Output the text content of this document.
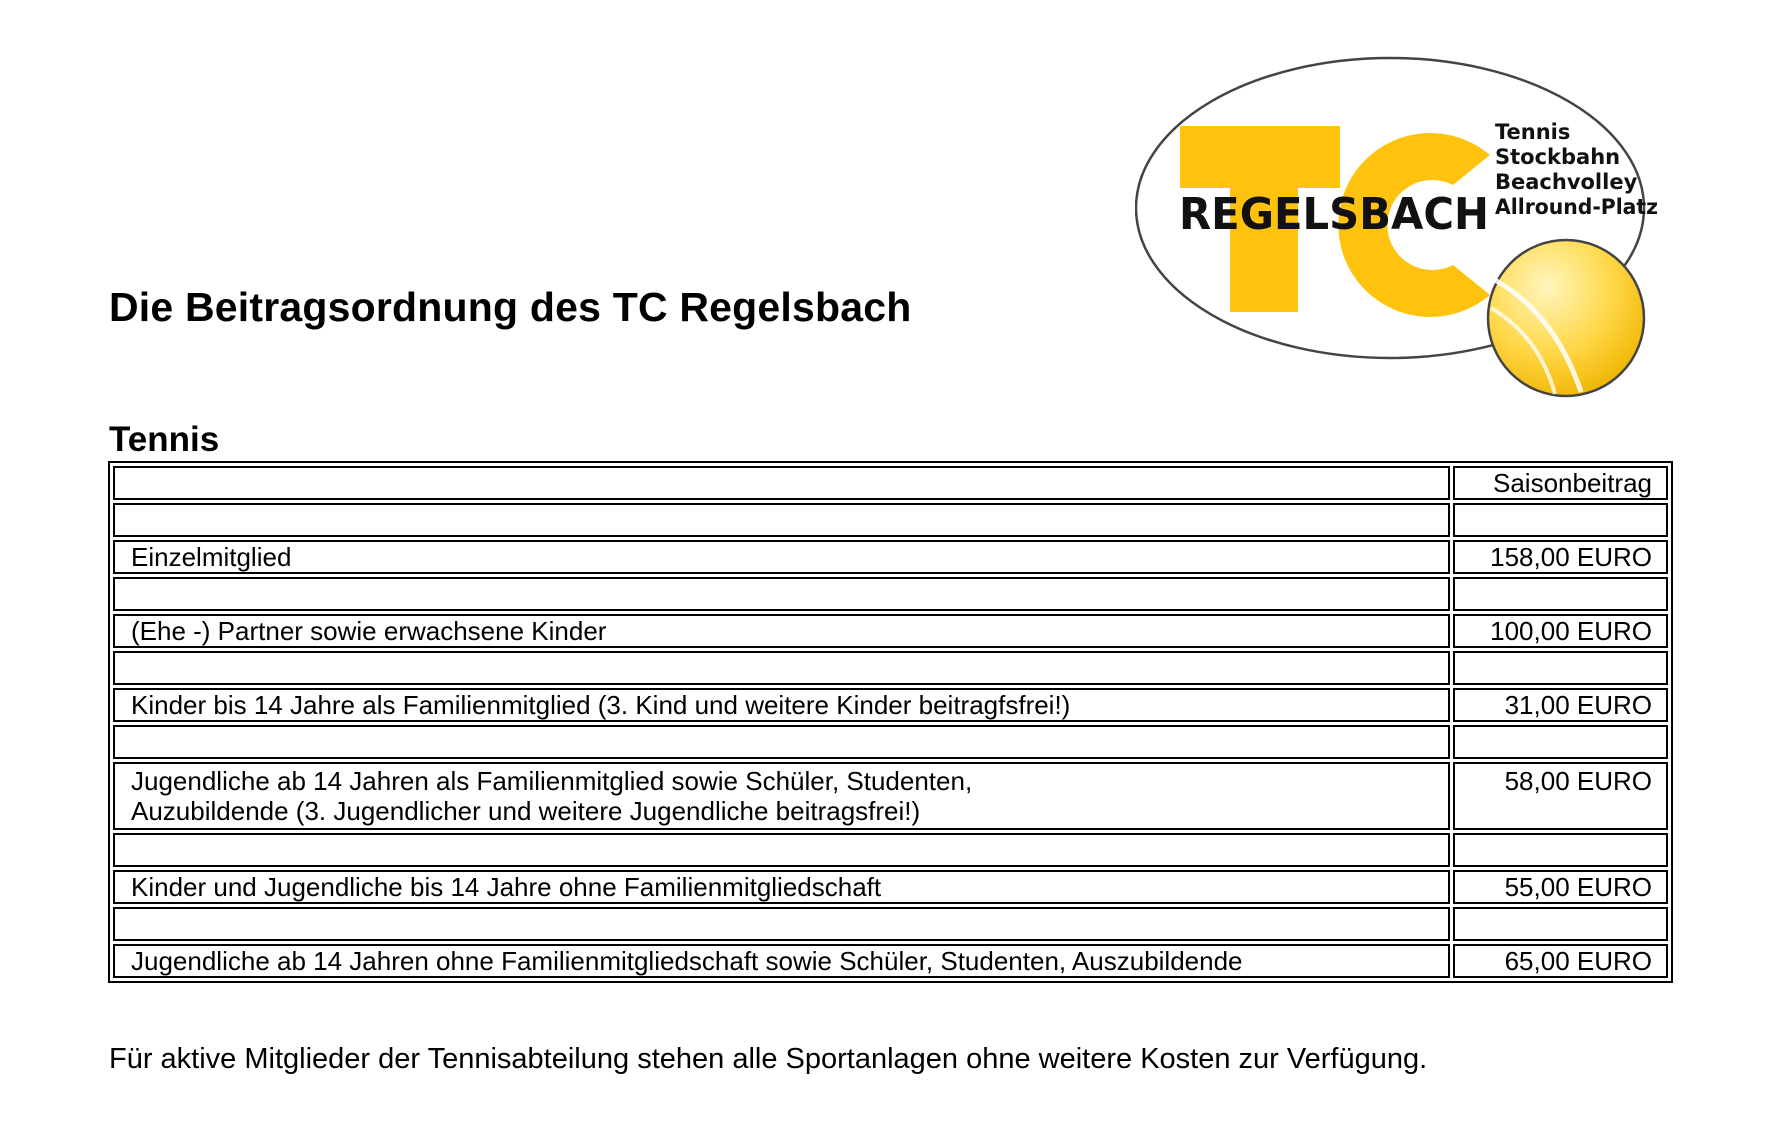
REGELSBACH
Tennis
Stockbahn
Beachvolley
Allround-Platz
Die Beitragsordnung des TC Regelsbach
Tennis
	Saisonbeitrag

Einzelmitglied	158,00 EURO

(Ehe -) Partner sowie erwachsene Kinder	100,00 EURO

Kinder bis 14 Jahre als Familienmitglied (3. Kind und weitere Kinder beitragfsfrei!)	31,00 EURO

Jugendliche ab 14 Jahren als Familienmitglied sowie Schüler, Studenten,
Auzubildende (3. Jugendlicher und weitere Jugendliche beitragsfrei!)	58,00 EURO

Kinder und Jugendliche bis 14 Jahre ohne Familienmitgliedschaft	55,00 EURO

Jugendliche ab 14 Jahren ohne Familienmitgliedschaft sowie Schüler, Studenten, Auszubildende	65,00 EURO

Für aktive Mitglieder der Tennisabteilung stehen alle Sportanlagen ohne weitere Kosten zur Verfügung.
